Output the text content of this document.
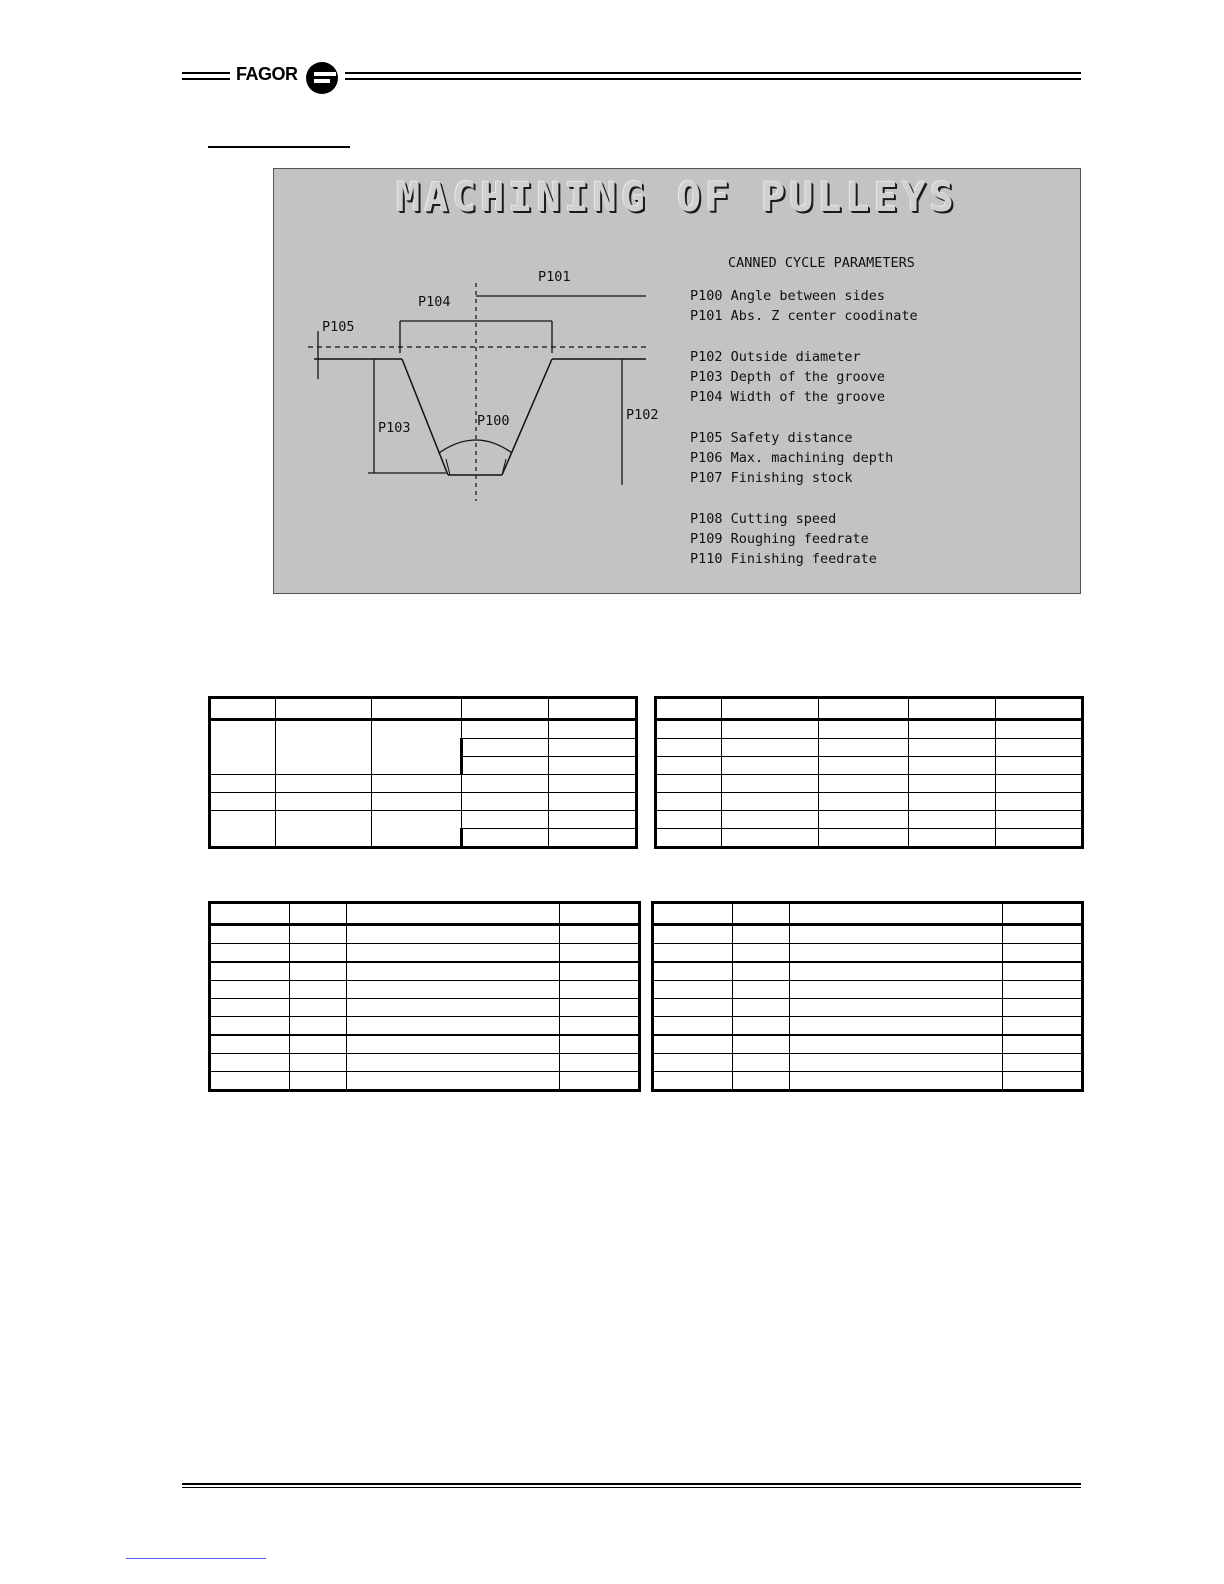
FAGOR
MACHINING OF PULLEYS
P101
P104
P105
P103	P100	P102
CANNED CYCLE PARAMETERS
P100 Angle between sides
P101 Abs. Z center coodinate
P102 Outside diameter
P103 Depth of the groove
P104 Width of the groove
P105 Safety distance
P106 Max. machining depth
P107 Finishing stock
P108 Cutting speed
P109 Roughing feedrate
P110 Finishing feedrate
